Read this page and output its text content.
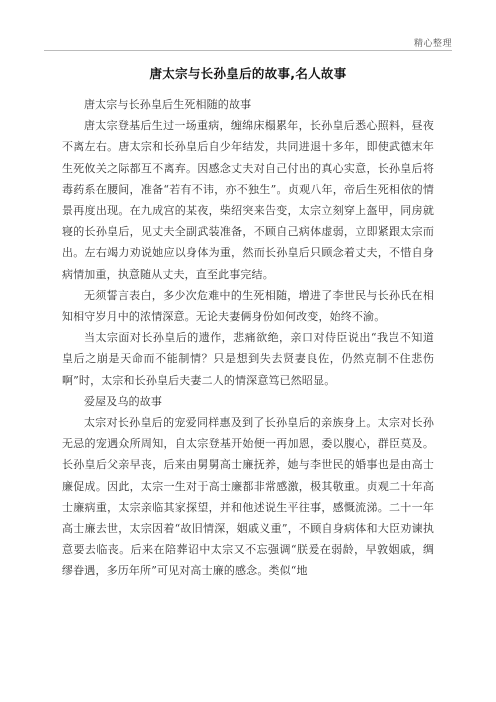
精心整理
唐太宗与长孙皇后的故事,名人故事

唐太宗与长孙皇后生死相随的故事

唐太宗登基后生过一场重病，缠绵床榻累年，长孙皇后悉心照料，昼夜不离左右。唐太宗和长孙皇后自少年结发，共同进退十多年，即使武德末年生死攸关之际都互不离弃。因感念丈夫对自己付出的真心实意，长孙皇后将毒药系在腰间，准备“若有不讳，亦不独生”。贞观八年，帝后生死相依的情景再度出现。在九成宫的某夜，柴绍突来告变，太宗立刻穿上盔甲，同房就寝的长孙皇后，见丈夫全副武装准备，不顾自己病体虚弱，立即紧跟太宗而出。左右竭力劝说她应以身体为重，然而长孙皇后只顾念着丈夫，不惜自身病情加重，执意随从丈夫，直至此事完结。

无须誓言表白，多少次危难中的生死相随，增进了李世民与长孙氏在相知相守岁月中的浓情深意。无论夫妻俩身份如何改变，始终不渝。

当太宗面对长孙皇后的遗作，悲痛欲绝，亲口对侍臣说出“我岂不知道皇后之崩是天命而不能制情？只是想到失去贤妻良佐，仍然克制不住悲伤啊”时，太宗和长孙皇后夫妻二人的情深意笃已然昭显。

爱屋及乌的故事

太宗对长孙皇后的宠爱同样惠及到了长孙皇后的亲族身上。太宗对长孙无忌的宠遇众所周知，自太宗登基开始便一再加恩，委以腹心，群臣莫及。长孙皇后父亲早丧，后来由舅舅高士廉抚养，她与李世民的婚事也是由高士廉促成。因此，太宗一生对于高士廉都非常感激，极其敬重。贞观二十年高士廉病重，太宗亲临其家探望，并和他述说生平往事，感慨流涕。二十一年高士廉去世，太宗因着“故旧情深，姻戚义重”，不顾自身病体和大臣劝谏执意要去临丧。后来在陪葬诏中太宗又不忘强调“朕爰在弱龄，早敦姻戚，绸缪眷遇，多历年所”可见对高士廉的感念。类似“地
